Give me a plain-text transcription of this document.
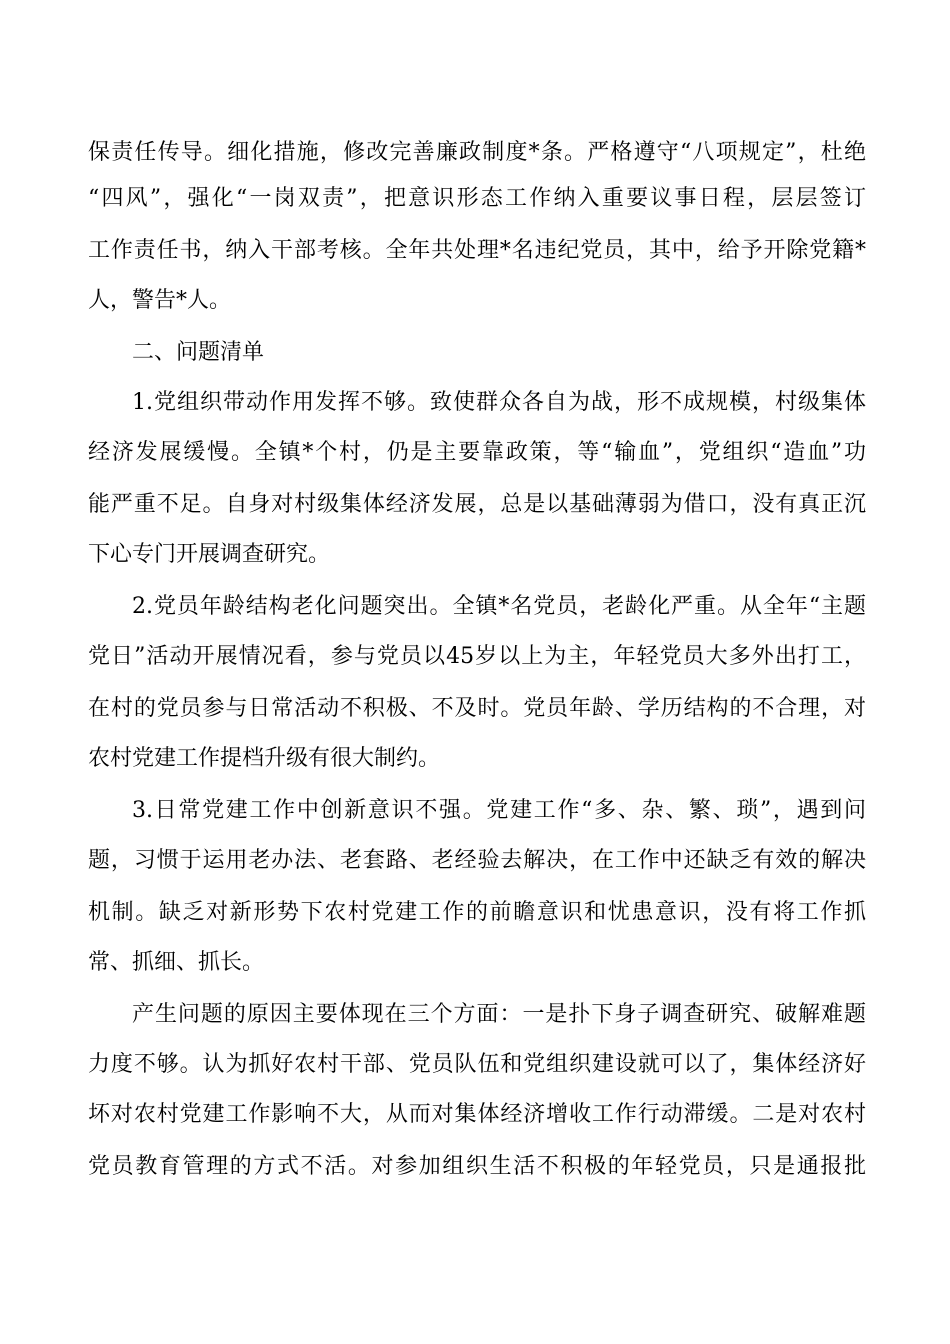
保责任传导。细化措施，修改完善廉政制度*条。严格遵守“八项规定”，杜绝
“四风”，强化“一岗双责”，把意识形态工作纳入重要议事日程，层层签订
工作责任书，纳入干部考核。全年共处理*名违纪党员，其中，给予开除党籍*
人，警告*人。
二、问题清单
1.党组织带动作用发挥不够。致使群众各自为战，形不成规模，村级集体
经济发展缓慢。全镇*个村，仍是主要靠政策，等“输血”，党组织“造血”功
能严重不足。自身对村级集体经济发展，总是以基础薄弱为借口，没有真正沉
下心专门开展调查研究。
2.党员年龄结构老化问题突出。全镇*名党员，老龄化严重。从全年“主题
党日”活动开展情况看，参与党员以45岁以上为主，年轻党员大多外出打工，
在村的党员参与日常活动不积极、不及时。党员年龄、学历结构的不合理，对
农村党建工作提档升级有很大制约。
3.日常党建工作中创新意识不强。党建工作“多、杂、繁、琐”，遇到问
题，习惯于运用老办法、老套路、老经验去解决，在工作中还缺乏有效的解决
机制。缺乏对新形势下农村党建工作的前瞻意识和忧患意识，没有将工作抓
常、抓细、抓长。
产生问题的原因主要体现在三个方面：一是扑下身子调查研究、破解难题
力度不够。认为抓好农村干部、党员队伍和党组织建设就可以了，集体经济好
坏对农村党建工作影响不大，从而对集体经济增收工作行动滞缓。二是对农村
党员教育管理的方式不活。对参加组织生活不积极的年轻党员，只是通报批
